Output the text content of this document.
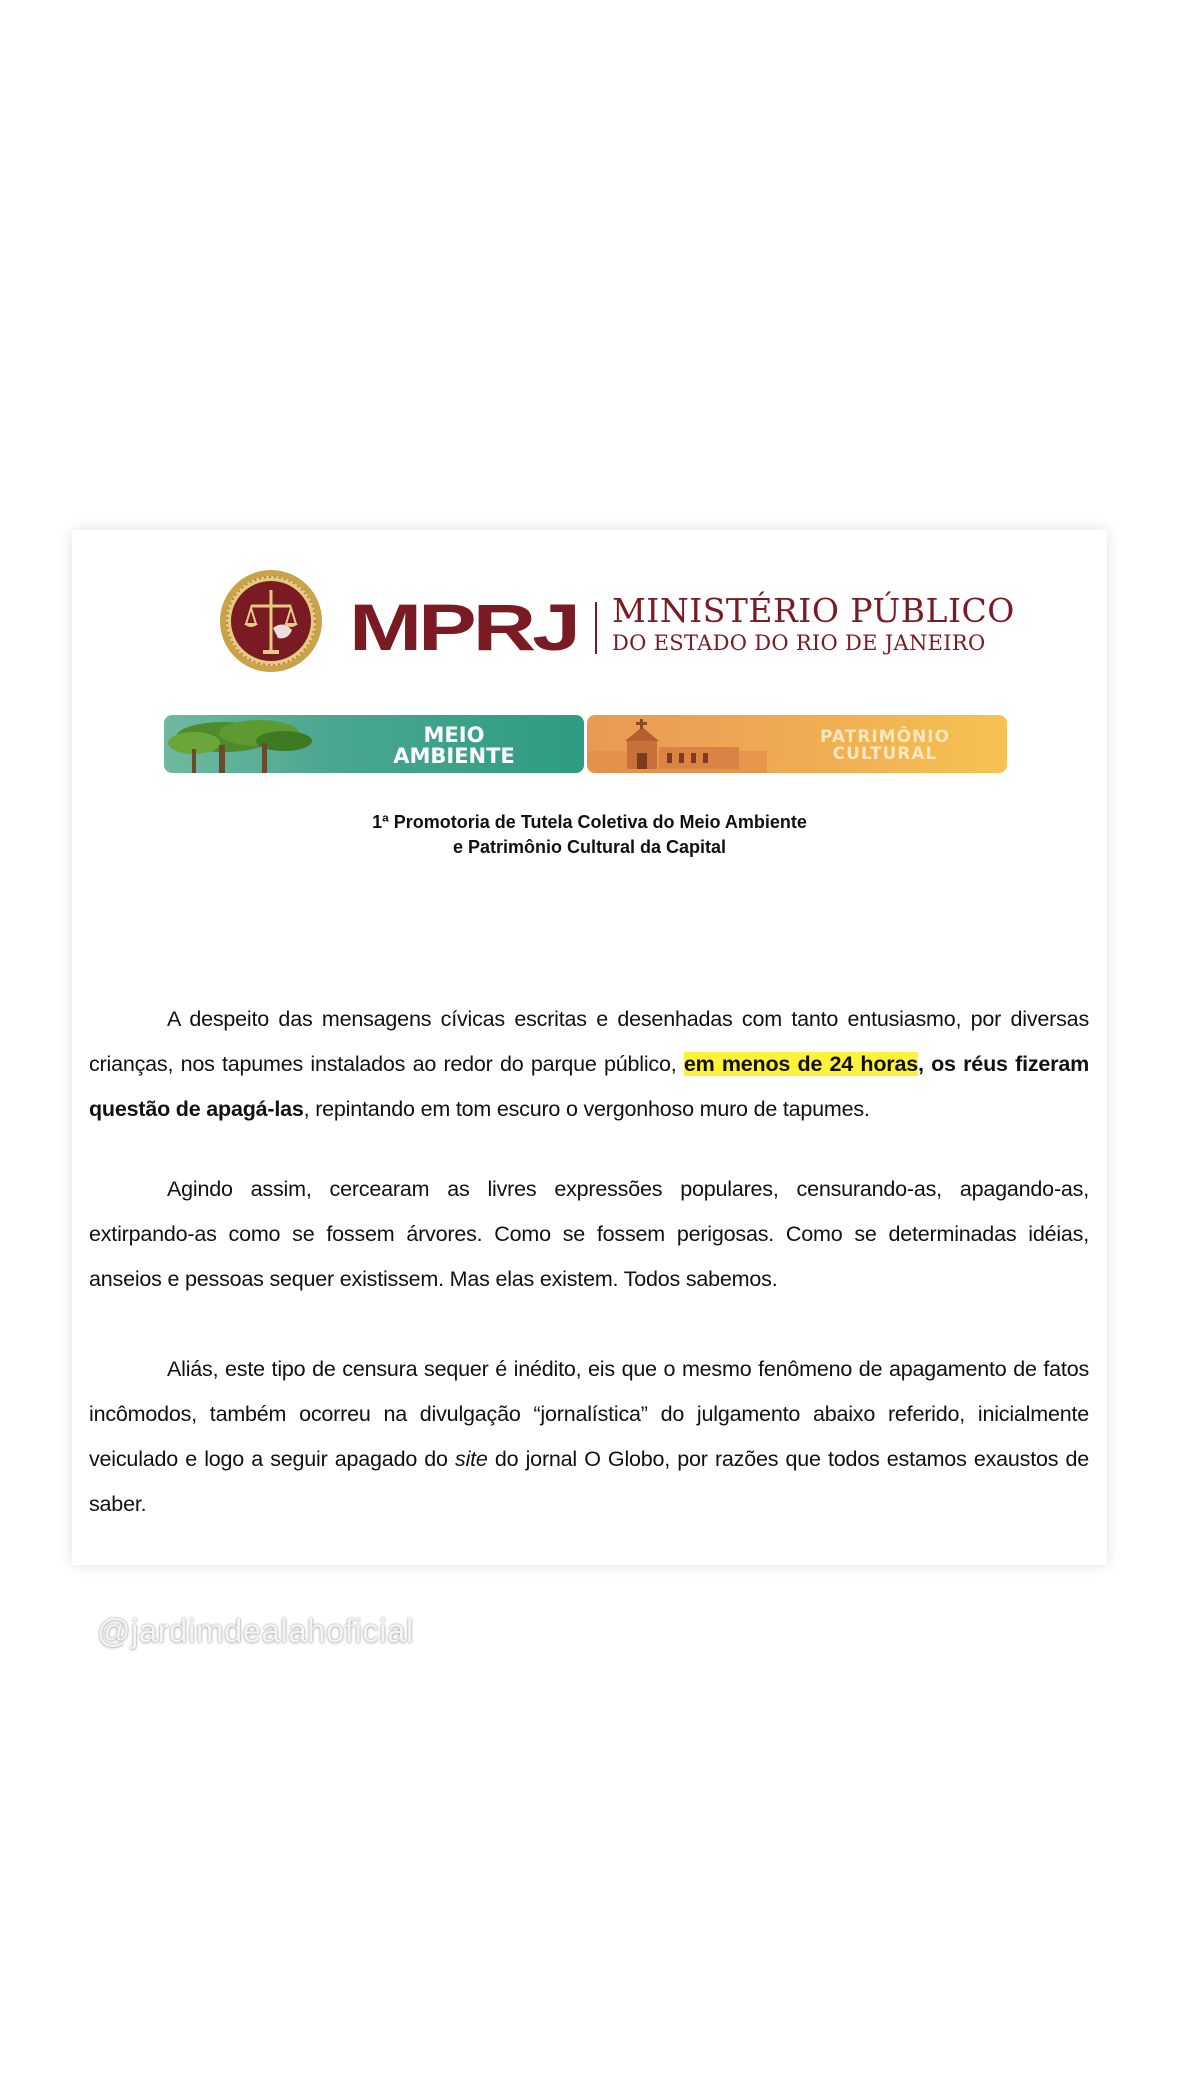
MPRJ MINISTÉRIO PÚBLICO
DO ESTADO DO RIO DE JANEIRO
MEIO
AMBIENTE
PATRIMÔNIO
CULTURAL
1ª Promotoria de Tutela Coletiva do Meio Ambiente
e Patrimônio Cultural da Capital

A despeito das mensagens cívicas escritas e desenhadas com tanto entusiasmo, por diversas crianças, nos tapumes instalados ao redor do parque público, em menos de 24 horas, os réus fizeram questão de apagá-las, repintando em tom escuro o vergonhoso muro de tapumes.

Agindo assim, cercearam as livres expressões populares, censurando-as, apagando-as, extirpando-as como se fossem árvores. Como se fossem perigosas. Como se determinadas idéias, anseios e pessoas sequer existissem. Mas elas existem. Todos sabemos.

Aliás, este tipo de censura sequer é inédito, eis que o mesmo fenômeno de apagamento de fatos incômodos, também ocorreu na divulgação “jornalística” do julgamento abaixo referido, inicialmente veiculado e logo a seguir apagado do site do jornal O Globo, por razões que todos estamos exaustos de saber.

@jardimdealahoficial
